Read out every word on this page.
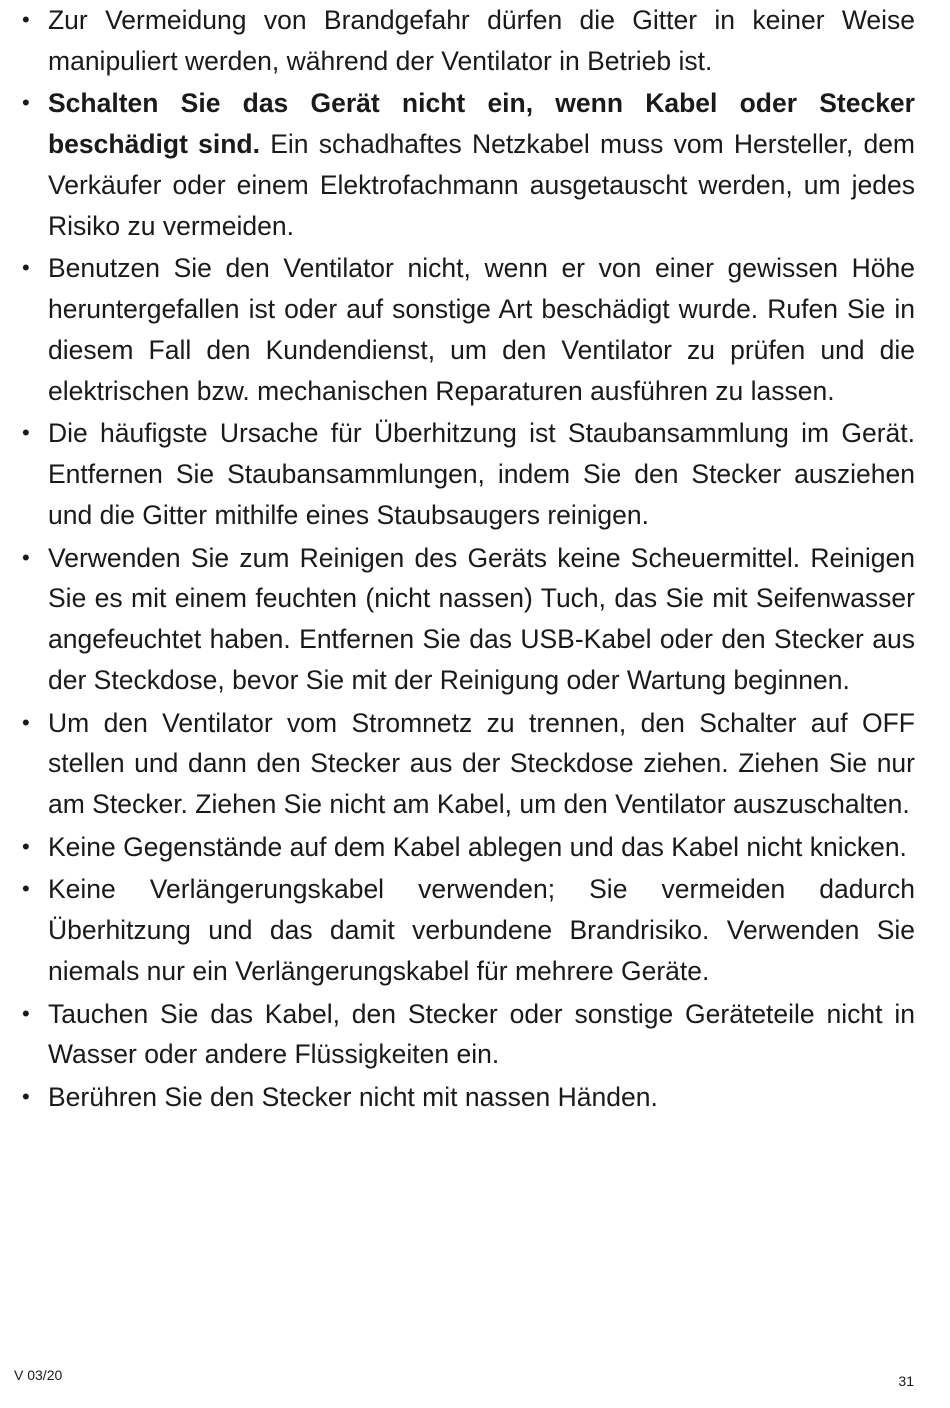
• Zur Vermeidung von Brandgefahr dürfen die Gitter in keiner Weise manipuliert werden, während der Ventilator in Betrieb ist.
• Schalten Sie das Gerät nicht ein, wenn Kabel oder Stecker beschädigt sind. Ein schadhaftes Netzkabel muss vom Hersteller, dem Verkäufer oder einem Elektrofachmann ausgetauscht werden, um jedes Risiko zu vermeiden.
• Benutzen Sie den Ventilator nicht, wenn er von einer gewissen Höhe heruntergefallen ist oder auf sonstige Art beschädigt wurde. Rufen Sie in diesem Fall den Kundendienst, um den Ventilator zu prüfen und die elektrischen bzw. mechanischen Reparaturen ausführen zu lassen.
• Die häufigste Ursache für Überhitzung ist Staubansammlung im Gerät. Entfernen Sie Staubansammlungen, indem Sie den Stecker ausziehen und die Gitter mithilfe eines Staubsaugers reinigen.
• Verwenden Sie zum Reinigen des Geräts keine Scheuermittel. Reinigen Sie es mit einem feuchten (nicht nassen) Tuch, das Sie mit Seifenwasser angefeuchtet haben. Entfernen Sie das USB-Kabel oder den Stecker aus der Steckdose, bevor Sie mit der Reinigung oder Wartung beginnen.
• Um den Ventilator vom Stromnetz zu trennen, den Schalter auf OFF stellen und dann den Stecker aus der Steckdose ziehen. Ziehen Sie nur am Stecker. Ziehen Sie nicht am Kabel, um den Ventilator auszuschalten.
• Keine Gegenstände auf dem Kabel ablegen und das Kabel nicht knicken.
• Keine Verlängerungskabel verwenden; Sie vermeiden dadurch Überhitzung und das damit verbundene Brandrisiko. Verwenden Sie niemals nur ein Verlängerungskabel für mehrere Geräte.
• Tauchen Sie das Kabel, den Stecker oder sonstige Geräteteile nicht in Wasser oder andere Flüssigkeiten ein.
• Berühren Sie den Stecker nicht mit nassen Händen.
V 03/20	31
